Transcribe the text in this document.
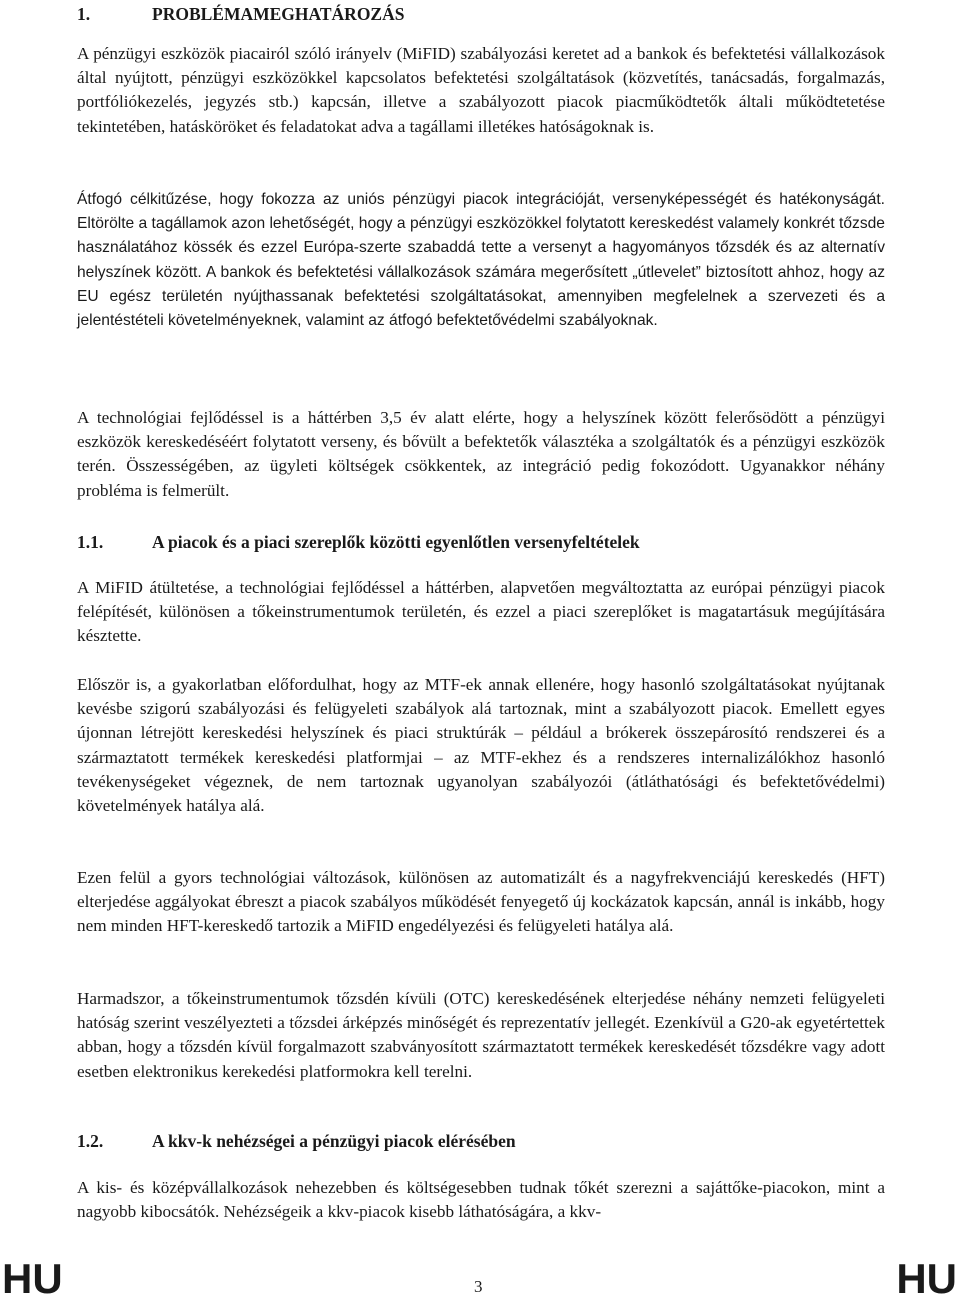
1.	PROBLÉMAMEGHATÁROZÁS

A pénzügyi eszközök piacairól szóló irányelv (MiFID) szabályozási keretet ad a bankok és befektetési vállalkozások által nyújtott, pénzügyi eszközökkel kapcsolatos befektetési szolgáltatások (közvetítés, tanácsadás, forgalmazás, portfóliókezelés, jegyzés stb.) kapcsán, illetve a szabályozott piacok piacműködtetők általi működtetetése tekintetében, hatásköröket és feladatokat adva a tagállami illetékes hatóságoknak is.

Átfogó célkitűzése, hogy fokozza az uniós pénzügyi piacok integrációját, versenyképességét és hatékonyságát. Eltörölte a tagállamok azon lehetőségét, hogy a pénzügyi eszközökkel folytatott kereskedést valamely konkrét tőzsde használatához kössék és ezzel Európa-szerte szabaddá tette a versenyt a hagyományos tőzsdék és az alternatív helyszínek között. A bankok és befektetési vállalkozások számára megerősített „útlevelet” biztosított ahhoz, hogy az EU egész területén nyújthassanak befektetési szolgáltatásokat, amennyiben megfelelnek a szervezeti és a jelentéstételi követelményeknek, valamint az átfogó befektetővédelmi szabályoknak.

A technológiai fejlődéssel is a háttérben 3,5 év alatt elérte, hogy a helyszínek között felerősödött a pénzügyi eszközök kereskedéséért folytatott verseny, és bővült a befektetők választéka a szolgáltatók és a pénzügyi eszközök terén. Összességében, az ügyleti költségek csökkentek, az integráció pedig fokozódott. Ugyanakkor néhány probléma is felmerült.

1.1.	A piacok és a piaci szereplők közötti egyenlőtlen versenyfeltételek

A MiFID átültetése, a technológiai fejlődéssel a háttérben, alapvetően megváltoztatta az európai pénzügyi piacok felépítését, különösen a tőkeinstrumentumok területén, és ezzel a piaci szereplőket is magatartásuk megújítására késztette.

Először is, a gyakorlatban előfordulhat, hogy az MTF-ek annak ellenére, hogy hasonló szolgáltatásokat nyújtanak kevésbe szigorú szabályozási és felügyeleti szabályok alá tartoznak, mint a szabályozott piacok. Emellett egyes újonnan létrejött kereskedési helyszínek és piaci struktúrák – például a brókerek összepárosító rendszerei és a származtatott termékek kereskedési platformjai – az MTF-ekhez és a rendszeres internalizálókhoz hasonló tevékenységeket végeznek, de nem tartoznak ugyanolyan szabályozói (átláthatósági és befektetővédelmi) követelmények hatálya alá.

Ezen felül a gyors technológiai változások, különösen az automatizált és a nagyfrekvenciájú kereskedés (HFT) elterjedése aggályokat ébreszt a piacok szabályos működését fenyegető új kockázatok kapcsán, annál is inkább, hogy nem minden HFT-kereskedő tartozik a MiFID engedélyezési és felügyeleti hatálya alá.

Harmadszor, a tőkeinstrumentumok tőzsdén kívüli (OTC) kereskedésének elterjedése néhány nemzeti felügyeleti hatóság szerint veszélyezteti a tőzsdei árképzés minőségét és reprezentatív jellegét. Ezenkívül a G20-ak egyetértettek abban, hogy a tőzsdén kívül forgalmazott szabványosított származtatott termékek kereskedését tőzsdékre vagy adott esetben elektronikus kerekedési platformokra kell terelni.

1.2.	A kkv-k nehézségei a pénzügyi piacok elérésében

A kis- és középvállalkozások nehezebben és költségesebben tudnak tőkét szerezni a sajáttőke-piacokon, mint a nagyobb kibocsátók. Nehézségeik a kkv-piacok kisebb láthatóságára, a kkv-

HU	3	HU
